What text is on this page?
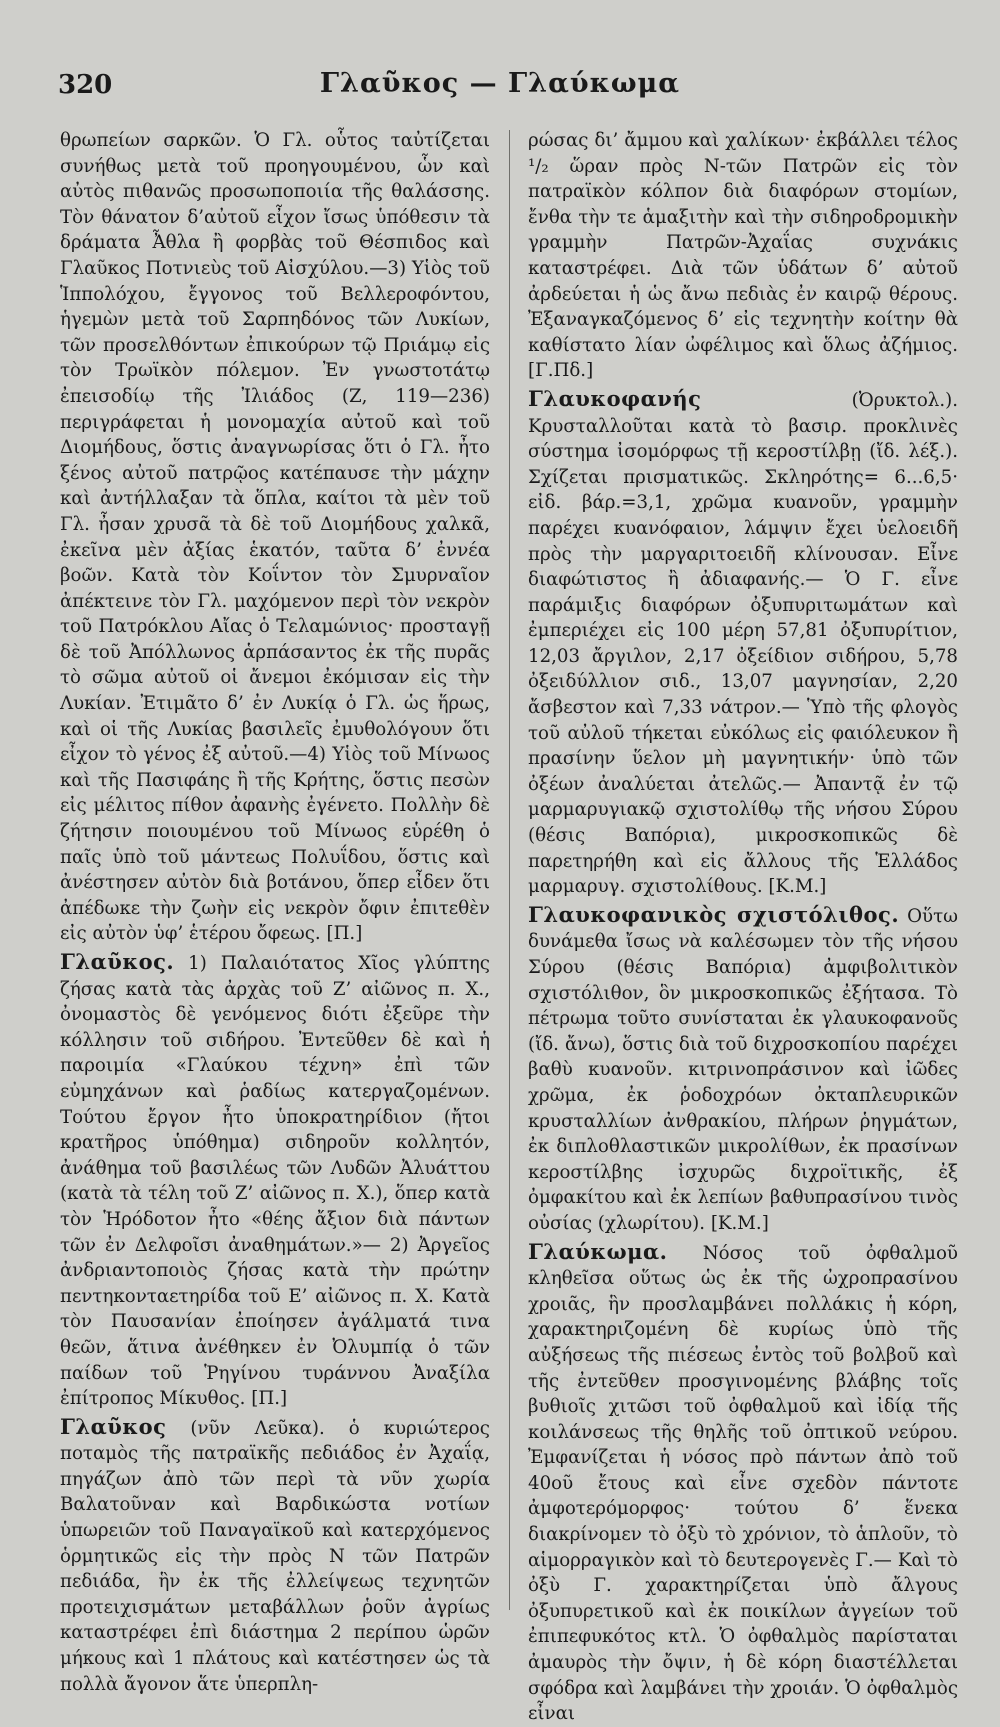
320	Γλαῦκος — Γλαύκωμα

θρωπείων σαρκῶν. Ὁ Γλ. οὗτος ταὐτίζεται συνήθως μετὰ τοῦ προηγουμένου, ὧν καὶ αὐτὸς πιθανῶς προσωποποιία τῆς θαλάσσης. Τὸν θάνατον δ’αὐτοῦ εἶχον ἴσως ὑπόθεσιν τὰ δράματα Ἆθλα ἢ φορβὰς τοῦ Θέσπιδος καὶ Γλαῦκος Ποτνιεὺς τοῦ Αἰσχύλου.—3) Υἱὸς τοῦ Ἱππολόχου, ἔγγονος τοῦ Βελλεροφόντου, ἡγεμὼν μετὰ τοῦ Σαρπηδόνος τῶν Λυκίων, τῶν προσελθόντων ἐπικούρων τῷ Πριάμῳ εἰς τὸν Τρωϊκὸν πόλεμον. Ἐν γνωστοτάτῳ ἐπεισοδίῳ τῆς Ἰλιάδος (Ζ, 119—236) περιγράφεται ἡ μονομαχία αὐτοῦ καὶ τοῦ Διομήδους, ὅστις ἀναγνωρίσας ὅτι ὁ Γλ. ἦτο ξένος αὐτοῦ πατρῷος κατέπαυσε τὴν μάχην καὶ ἀντήλλαξαν τὰ ὅπλα, καίτοι τὰ μὲν τοῦ Γλ. ἦσαν χρυσᾶ τὰ δὲ τοῦ Διομήδους χαλκᾶ, ἐκεῖνα μὲν ἀξίας ἑκατόν, ταῦτα δ’ ἐννέα βοῶν. Κατὰ τὸν Κοΐντον τὸν Σμυρναῖον ἀπέκτεινε τὸν Γλ. μαχόμενον περὶ τὸν νεκρὸν τοῦ Πατρόκλου Αἴας ὁ Τελαμώνιος· προσταγῇ δὲ τοῦ Ἀπόλλωνος ἁρπάσαντος ἐκ τῆς πυρᾶς τὸ σῶμα αὐτοῦ οἱ ἄνεμοι ἐκόμισαν εἰς τὴν Λυκίαν. Ἐτιμᾶτο δ’ ἐν Λυκίᾳ ὁ Γλ. ὡς ἥρως, καὶ οἱ τῆς Λυκίας βασιλεῖς ἐμυθολόγουν ὅτι εἶχον τὸ γένος ἐξ αὐτοῦ.—4) Υἱὸς τοῦ Μίνωος καὶ τῆς Πασιφάης ἢ τῆς Κρήτης, ὅστις πεσὼν εἰς μέλιτος πίθον ἀφανὴς ἐγένετο. Πολλὴν δὲ ζήτησιν ποιουμένου τοῦ Μίνωος εὑρέθη ὁ παῖς ὑπὸ τοῦ μάντεως Πολυΐδου, ὅστις καὶ ἀνέστησεν αὐτὸν διὰ βοτάνου, ὅπερ εἶδεν ὅτι ἀπέδωκε τὴν ζωὴν εἰς νεκρὸν ὄφιν ἐπιτεθὲν εἰς αὐτὸν ὑφ’ ἑτέρου ὄφεως. [Π.]

Γλαῦκος. 1) Παλαιότατος Χῖος γλύπτης ζήσας κατὰ τὰς ἀρχὰς τοῦ Ζ’ αἰῶνος π. Χ., ὀνομαστὸς δὲ γενόμενος διότι ἐξεῦρε τὴν κόλλησιν τοῦ σιδήρου. Ἐντεῦθεν δὲ καὶ ἡ παροιμία «Γλαύκου τέχνη» ἐπὶ τῶν εὐμηχάνων καὶ ῥαδίως κατεργαζομένων. Τούτου ἔργον ἦτο ὑποκρατηρίδιον (ἤτοι κρατῆρος ὑπόθημα) σιδηροῦν κολλητόν, ἀνάθημα τοῦ βασιλέως τῶν Λυδῶν Ἀλυάττου (κατὰ τὰ τέλη τοῦ Ζ’ αἰῶνος π. Χ.), ὅπερ κατὰ τὸν Ἡρόδοτον ἦτο «θέης ἄξιον διὰ πάντων τῶν ἐν Δελφοῖσι ἀναθημάτων.»— 2) Ἀργεῖος ἀνδριαντοποιὸς ζήσας κατὰ τὴν πρώτην πεντηκονταετηρίδα τοῦ Ε’ αἰῶνος π. Χ. Κατὰ τὸν Παυσανίαν ἐποίησεν ἀγάλματά τινα θεῶν, ἅτινα ἀνέθηκεν ἐν Ὀλυμπίᾳ ὁ τῶν παίδων τοῦ Ῥηγίνου τυράννου Ἀναξίλα ἐπίτροπος Μίκυθος. [Π.]

Γλαῦκος (νῦν Λεῦκα). ὁ κυριώτερος ποταμὸς τῆς πατραϊκῆς πεδιάδος ἐν Ἀχαΐᾳ, πηγάζων ἀπὸ τῶν περὶ τὰ νῦν χωρία Βαλατοῦναν καὶ Βαρδικώστα νοτίων ὑπωρειῶν τοῦ Παναγαϊκοῦ καὶ κατερχόμενος ὁρμητικῶς εἰς τὴν πρὸς Ν τῶν Πατρῶν πεδιάδα, ἣν ἐκ τῆς ἐλλείψεως τεχνητῶν προτειχισμάτων μεταβάλλων ῥοῦν ἀγρίως καταστρέφει ἐπὶ διάστημα 2 περίπου ὡρῶν μήκους καὶ 1 πλάτους καὶ κατέστησεν ὡς τὰ πολλὰ ἄγονον ἅτε ὑπερπλη-

ρώσας δι’ ἄμμου καὶ χαλίκων· ἐκβάλλει τέλος ¹/₂ ὥραν πρὸς Ν-τῶν Πατρῶν εἰς τὸν πατραϊκὸν κόλπον διὰ διαφόρων στομίων, ἔνθα τὴν τε ἁμαξιτὴν καὶ τὴν σιδηροδρομικὴν γραμμὴν Πατρῶν-Ἀχαΐας συχνάκις καταστρέφει. Διὰ τῶν ὑδάτων δ’ αὐτοῦ ἀρδεύεται ἡ ὡς ἄνω πεδιὰς ἐν καιρῷ θέρους. Ἐξαναγκαζόμενος δ’ εἰς τεχνητὴν κοίτην θὰ καθίστατο λίαν ὠφέλιμος καὶ ὅλως ἀζήμιος. [Γ.Πδ.]

Γλαυκοφανής (Ὀρυκτολ.). Κρυσταλλοῦται κατὰ τὸ βασιρ. προκλινὲς σύστημα ἰσομόρφως τῇ κεροστίλβῃ (ἴδ. λέξ.). Σχίζεται πρισματικῶς. Σκληρότης= 6...6,5· εἰδ. βάρ.=3,1, χρῶμα κυανοῦν, γραμμὴν παρέχει κυανόφαιον, λάμψιν ἔχει ὑελοειδῆ πρὸς τὴν μαργαριτοειδῆ κλίνουσαν. Εἶνε διαφώτιστος ἢ ἀδιαφανής.— Ὁ Γ. εἶνε παράμιξις διαφόρων ὀξυπυριτωμάτων καὶ ἐμπεριέχει εἰς 100 μέρη 57,81 ὀξυπυρίτιον, 12,03 ἄργιλον, 2,17 ὀξείδιον σιδήρου, 5,78 ὀξειδύλλιον σιδ., 13,07 μαγνησίαν, 2,20 ἄσβεστον καὶ 7,33 νάτρον.— Ὑπὸ τῆς φλογὸς τοῦ αὐλοῦ τήκεται εὐκόλως εἰς φαιόλευκον ἢ πρασίνην ὕελον μὴ μαγνητικήν· ὑπὸ τῶν ὀξέων ἀναλύεται ἀτελῶς.— Ἀπαντᾷ ἐν τῷ μαρμαρυγιακῷ σχιστολίθῳ τῆς νήσου Σύρου (θέσις Βαπόρια), μικροσκοπικῶς δὲ παρετηρήθη καὶ εἰς ἄλλους τῆς Ἑλλάδος μαρμαρυγ. σχιστολίθους. [Κ.Μ.]

Γλαυκοφανικὸς σχιστόλιθος. Οὕτω δυνάμεθα ἴσως νὰ καλέσωμεν τὸν τῆς νήσου Σύρου (θέσις Βαπόρια) ἀμφιβολιτικὸν σχιστόλιθον, ὃν μικροσκοπικῶς ἐξήτασα. Τὸ πέτρωμα τοῦτο συνίσταται ἐκ γλαυκοφανοῦς (ἴδ. ἄνω), ὅστις διὰ τοῦ διχροσκοπίου παρέχει βαθὺ κυανοῦν. κιτρινοπράσινον καὶ ἰῶδες χρῶμα, ἐκ ῥοδοχρόων ὀκταπλευρικῶν κρυσταλλίων ἀνθρακίου, πλήρων ῥηγμάτων, ἐκ διπλοθλαστικῶν μικρολίθων, ἐκ πρασίνων κεροστίλβης ἰσχυρῶς διχροϊτικῆς, ἐξ ὀμφακίτου καὶ ἐκ λεπίων βαθυπρασίνου τινὸς οὐσίας (χλωρίτου). [Κ.Μ.]

Γλαύκωμα. Νόσος τοῦ ὀφθαλμοῦ κληθεῖσα οὕτως ὡς ἐκ τῆς ὠχροπρασίνου χροιᾶς, ἣν προσλαμβάνει πολλάκις ἡ κόρη, χαρακτηριζομένη δὲ κυρίως ὑπὸ τῆς αὐξήσεως τῆς πιέσεως ἐντὸς τοῦ βολβοῦ καὶ τῆς ἐντεῦθεν προσγινομένης βλάβης τοῖς βυθιοῖς χιτῶσι τοῦ ὀφθαλμοῦ καὶ ἰδίᾳ τῆς κοιλάνσεως τῆς θηλῆς τοῦ ὀπτικοῦ νεύρου. Ἐμφανίζεται ἡ νόσος πρὸ πάντων ἀπὸ τοῦ 40οῦ ἔτους καὶ εἶνε σχεδὸν πάντοτε ἀμφοτερόμορφος· τούτου δ’ ἕνεκα διακρίνομεν τὸ ὀξὺ τὸ χρόνιον, τὸ ἁπλοῦν, τὸ αἱμορραγικὸν καὶ τὸ δευτερογενὲς Γ.— Καὶ τὸ ὀξὺ Γ. χαρακτηρίζεται ὑπὸ ἄλγους ὀξυπυρετικοῦ καὶ ἐκ ποικίλων ἀγγείων τοῦ ἐπιπεφυκότος κτλ. Ὁ ὀφθαλμὸς παρίσταται ἀμαυρὸς τὴν ὄψιν, ἡ δὲ κόρη διαστέλλεται σφόδρα καὶ λαμβάνει τὴν χροιάν. Ὁ ὀφθαλμὸς εἶναι
